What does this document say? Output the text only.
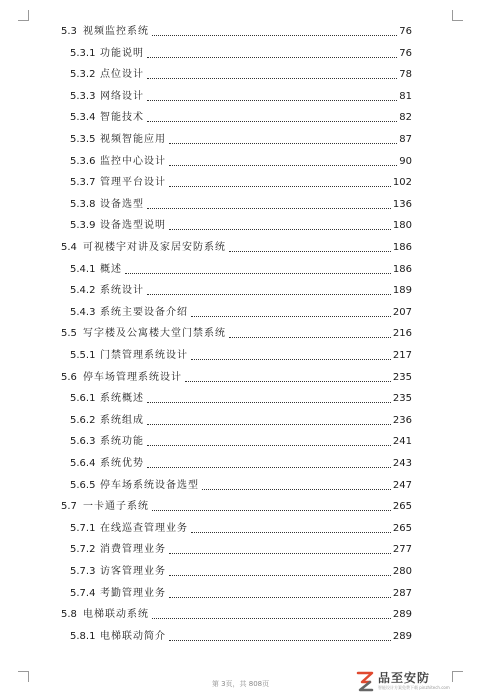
5.3 视频监控系统	76
5.3.1 功能说明	76
5.3.2 点位设计	78
5.3.3 网络设计	81
5.3.4 智能技术	82
5.3.5 视频智能应用	87
5.3.6 监控中心设计	90
5.3.7 管理平台设计	102
5.3.8 设备选型	136
5.3.9 设备选型说明	180
5.4 可视楼宇对讲及家居安防系统	186
5.4.1 概述	186
5.4.2 系统设计	189
5.4.3 系统主要设备介绍	207
5.5 写字楼及公寓楼大堂门禁系统	216
5.5.1 门禁管理系统设计	217
5.6 停车场管理系统设计	235
5.6.1 系统概述	235
5.6.2 系统组成	236
5.6.3 系统功能	241
5.6.4 系统优势	243
5.6.5 停车场系统设备选型	247
5.7 一卡通子系统	265
5.7.1 在线巡查管理业务	265
5.7.2 消费管理业务	277
5.7.3 访客管理业务	280
5.7.4 考勤管理业务	287
5.8 电梯联动系统	289
5.8.1 电梯联动简介	289
第 3页，共 808页	品至安防
智能设计方案免费下载 pinzhitech.com
